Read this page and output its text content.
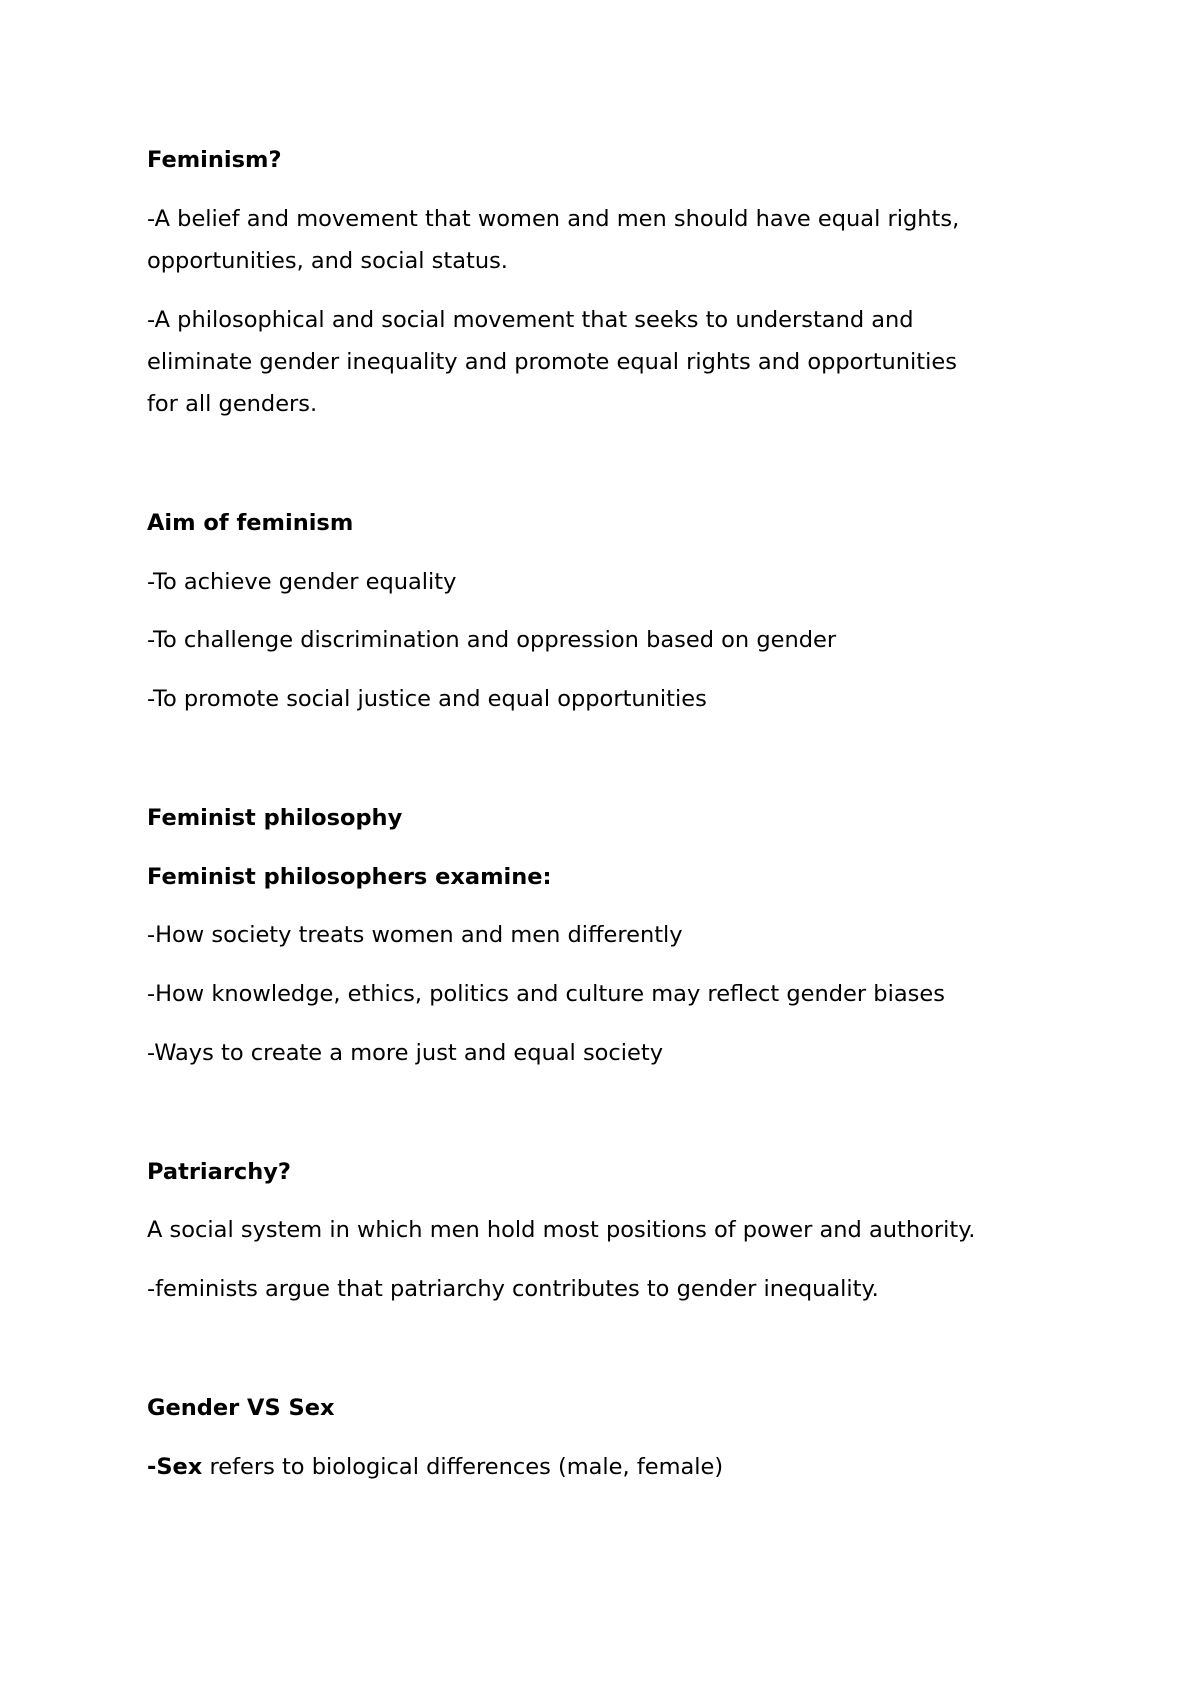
Feminism?

-A belief and movement that women and men should have equal rights,

opportunities, and social status.

-A philosophical and social movement that seeks to understand and

eliminate gender inequality and promote equal rights and opportunities

for all genders.

Aim of feminism

-To achieve gender equality

-To challenge discrimination and oppression based on gender

-To promote social justice and equal opportunities

Feminist philosophy

Feminist philosophers examine:

-How society treats women and men differently

-How knowledge, ethics, politics and culture may reflect gender biases

-Ways to create a more just and equal society

Patriarchy?

A social system in which men hold most positions of power and authority.

-feminists argue that patriarchy contributes to gender inequality.

Gender VS Sex

-Sex refers to biological differences (male, female)
